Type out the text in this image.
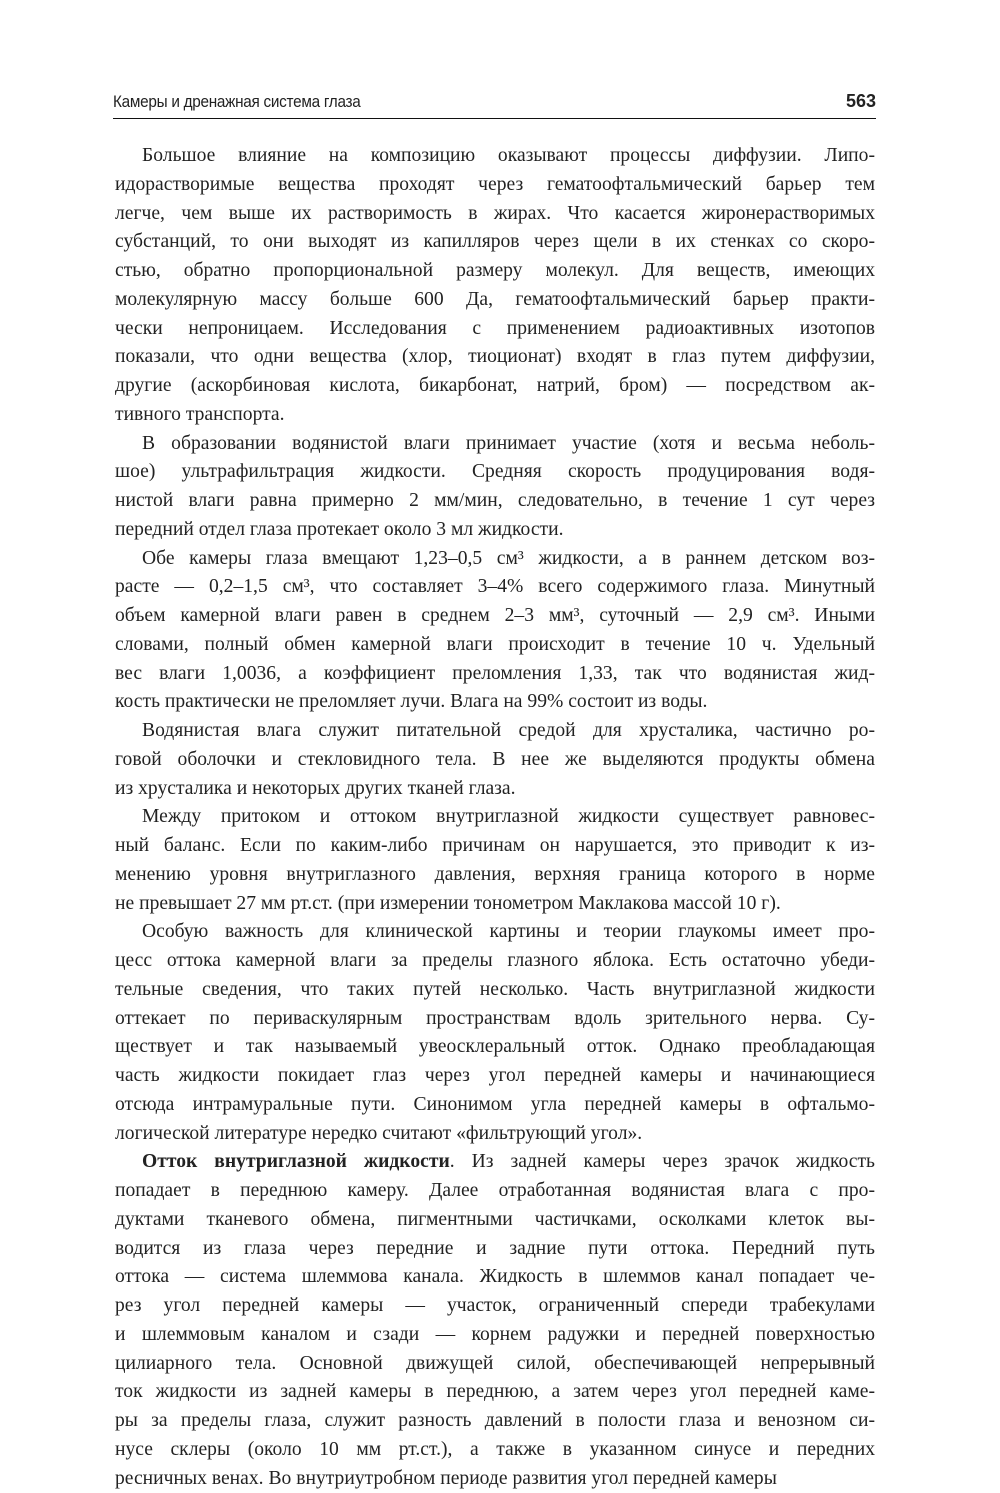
Камеры и дренажная система глаза	563
Большое влияние на композицию оказывают процессы диффузии. Липо-
идорастворимые вещества проходят через гематоофтальмический барьер тем
легче, чем выше их растворимость в жирах. Что касается жиронерастворимых
субстанций, то они выходят из капилляров через щели в их стенках со скоро-
стью, обратно пропорциональной размеру молекул. Для веществ, имеющих
молекулярную массу больше 600 Да, гематоофтальмический барьер практи-
чески непроницаем. Исследования с применением радиоактивных изотопов
показали, что одни вещества (хлор, тиоционат) входят в глаз путем диффузии,
другие (аскорбиновая кислота, бикарбонат, натрий, бром) — посредством ак-
тивного транспорта.
В образовании водянистой влаги принимает участие (хотя и весьма неболь-
шое) ультрафильтрация жидкости. Средняя скорость продуцирования водя-
нистой влаги равна примерно 2 мм/мин, следовательно, в течение 1 сут через
передний отдел глаза протекает около 3 мл жидкости.
Обе камеры глаза вмещают 1,23–0,5 см³ жидкости, а в раннем детском воз-
расте — 0,2–1,5 см³, что составляет 3–4% всего содержимого глаза. Минутный
объем камерной влаги равен в среднем 2–3 мм³, суточный — 2,9 см³. Иными
словами, полный обмен камерной влаги происходит в течение 10 ч. Удельный
вес влаги 1,0036, а коэффициент преломления 1,33, так что водянистая жид-
кость практически не преломляет лучи. Влага на 99% состоит из воды.
Водянистая влага служит питательной средой для хрусталика, частично ро-
говой оболочки и стекловидного тела. В нее же выделяются продукты обмена
из хрусталика и некоторых других тканей глаза.
Между притоком и оттоком внутриглазной жидкости существует равновес-
ный баланс. Если по каким-либо причинам он нарушается, это приводит к из-
менению уровня внутриглазного давления, верхняя граница которого в норме
не превышает 27 мм рт.ст. (при измерении тонометром Маклакова массой 10 г).
Особую важность для клинической картины и теории глаукомы имеет про-
цесс оттока камерной влаги за пределы глазного яблока. Есть остаточно убеди-
тельные сведения, что таких путей несколько. Часть внутриглазной жидкости
оттекает по периваскулярным пространствам вдоль зрительного нерва. Су-
ществует и так называемый увеосклеральный отток. Однако преобладающая
часть жидкости покидает глаз через угол передней камеры и начинающиеся
отсюда интрамуральные пути. Синонимом угла передней камеры в офтальмо-
логической литературе нередко считают «фильтрующий угол».
Отток внутриглазной жидкости. Из задней камеры через зрачок жидкость
попадает в переднюю камеру. Далее отработанная водянистая влага с про-
дуктами тканевого обмена, пигментными частичками, осколками клеток вы-
водится из глаза через передние и задние пути оттока. Передний путь
оттока — система шлеммова канала. Жидкость в шлеммов канал попадает че-
рез угол передней камеры — участок, ограниченный спереди трабекулами
и шлеммовым каналом и сзади — корнем радужки и передней поверхностью
цилиарного тела. Основной движущей силой, обеспечивающей непрерывный
ток жидкости из задней камеры в переднюю, а затем через угол передней каме-
ры за пределы глаза, служит разность давлений в полости глаза и венозном си-
нусе склеры (около 10 мм рт.ст.), а также в указанном синусе и передних
ресничных венах. Во внутриутробном периоде развития угол передней камеры
